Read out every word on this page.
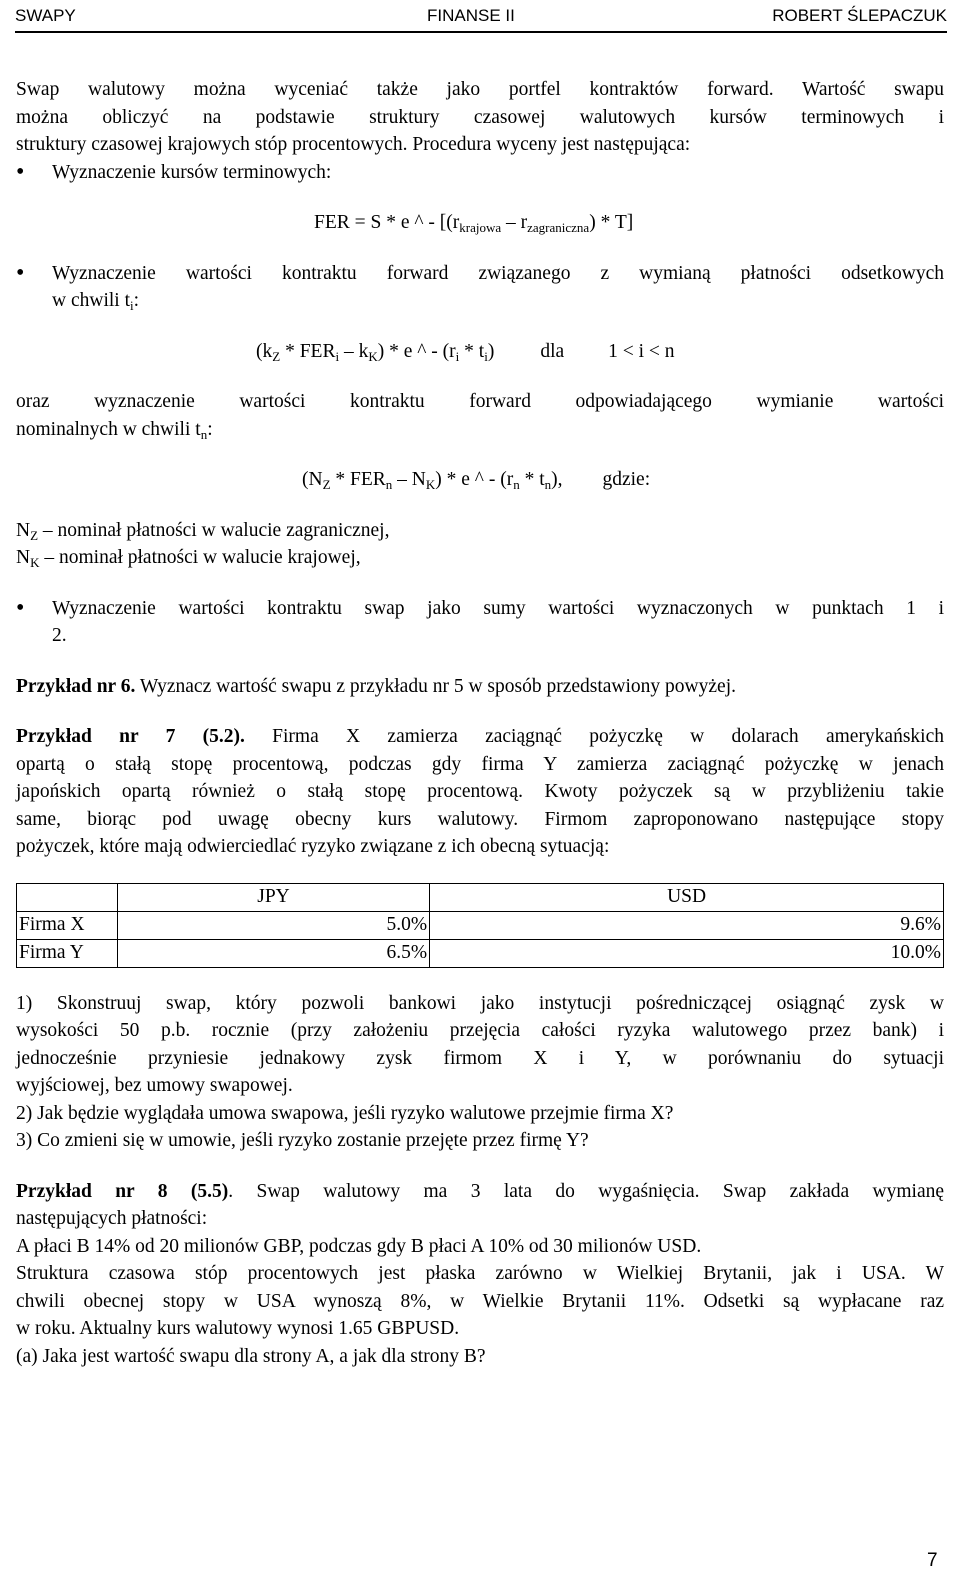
SWAPY	FINANSE II	ROBERT ŚLEPACZUK

Swap walutowy można wyceniać także jako portfel kontraktów forward. Wartość swapu

można obliczyć na podstawie struktury czasowej walutowych kursów terminowych i

struktury czasowej krajowych stóp procentowych. Procedura wyceny jest następująca:

• Wyznaczenie kursów terminowych:

FER = S * e ^ - $[(r_{krajowa} - r_{zagraniczna}) * T]$

• Wyznaczenie wartości kontraktu forward związanego z wymianą płatności odsetkowych

w chwili $t_i$:

$(k_Z * FER_i - k_K)$ * e ^ - $(r_i * t_i)$ dla 1 < i < n

oraz wyznaczenie wartości kontraktu forward odpowiadającego wymianie wartości

nominalnych w chwili $t_n$:

$(N_Z * FER_n - N_K)$ * e ^ - $(r_n * t_n)$, gdzie:

$N_Z$ – nominał płatności w walucie zagranicznej,

$N_K$ – nominał płatności w walucie krajowej,

• Wyznaczenie wartości kontraktu swap jako sumy wartości wyznaczonych w punktach 1 i

2.

Przykład nr 6. Wyznacz wartość swapu z przykładu nr 5 w sposób przedstawiony powyżej.

Przykład nr 7 (5.2). Firma X zamierza zaciągnąć pożyczkę w dolarach amerykańskich

opartą o stałą stopę procentową, podczas gdy firma Y zamierza zaciągnąć pożyczkę w jenach

japońskich opartą również o stałą stopę procentową. Kwoty pożyczek są w przybliżeniu takie

same, biorąc pod uwagę obecny kurs walutowy. Firmom zaproponowano następujące stopy

pożyczek, które mają odwierciedlać ryzyko związane z ich obecną sytuacją:

	JPY	USD
Firma X	5.0%	9.6%
Firma Y	6.5%	10.0%

1) Skonstruuj swap, który pozwoli bankowi jako instytucji pośredniczącej osiągnąć zysk w

wysokości 50 p.b. rocznie (przy założeniu przejęcia całości ryzyka walutowego przez bank) i

jednocześnie przyniesie jednakowy zysk firmom X i Y, w porównaniu do sytuacji

wyjściowej, bez umowy swapowej.

2) Jak będzie wyglądała umowa swapowa, jeśli ryzyko walutowe przejmie firma X?

3) Co zmieni się w umowie, jeśli ryzyko zostanie przejęte przez firmę Y?

Przykład nr 8 (5.5). Swap walutowy ma 3 lata do wygaśnięcia. Swap zakłada wymianę

następujących płatności:

A płaci B 14% od 20 milionów GBP, podczas gdy B płaci A 10% od 30 milionów USD.

Struktura czasowa stóp procentowych jest płaska zarówno w Wielkiej Brytanii, jak i USA. W

chwili obecnej stopy w USA wynoszą 8%, w Wielkie Brytanii 11%. Odsetki są wypłacane raz

w roku. Aktualny kurs walutowy wynosi 1.65 GBPUSD.

(a) Jaka jest wartość swapu dla strony A, a jak dla strony B?

7
